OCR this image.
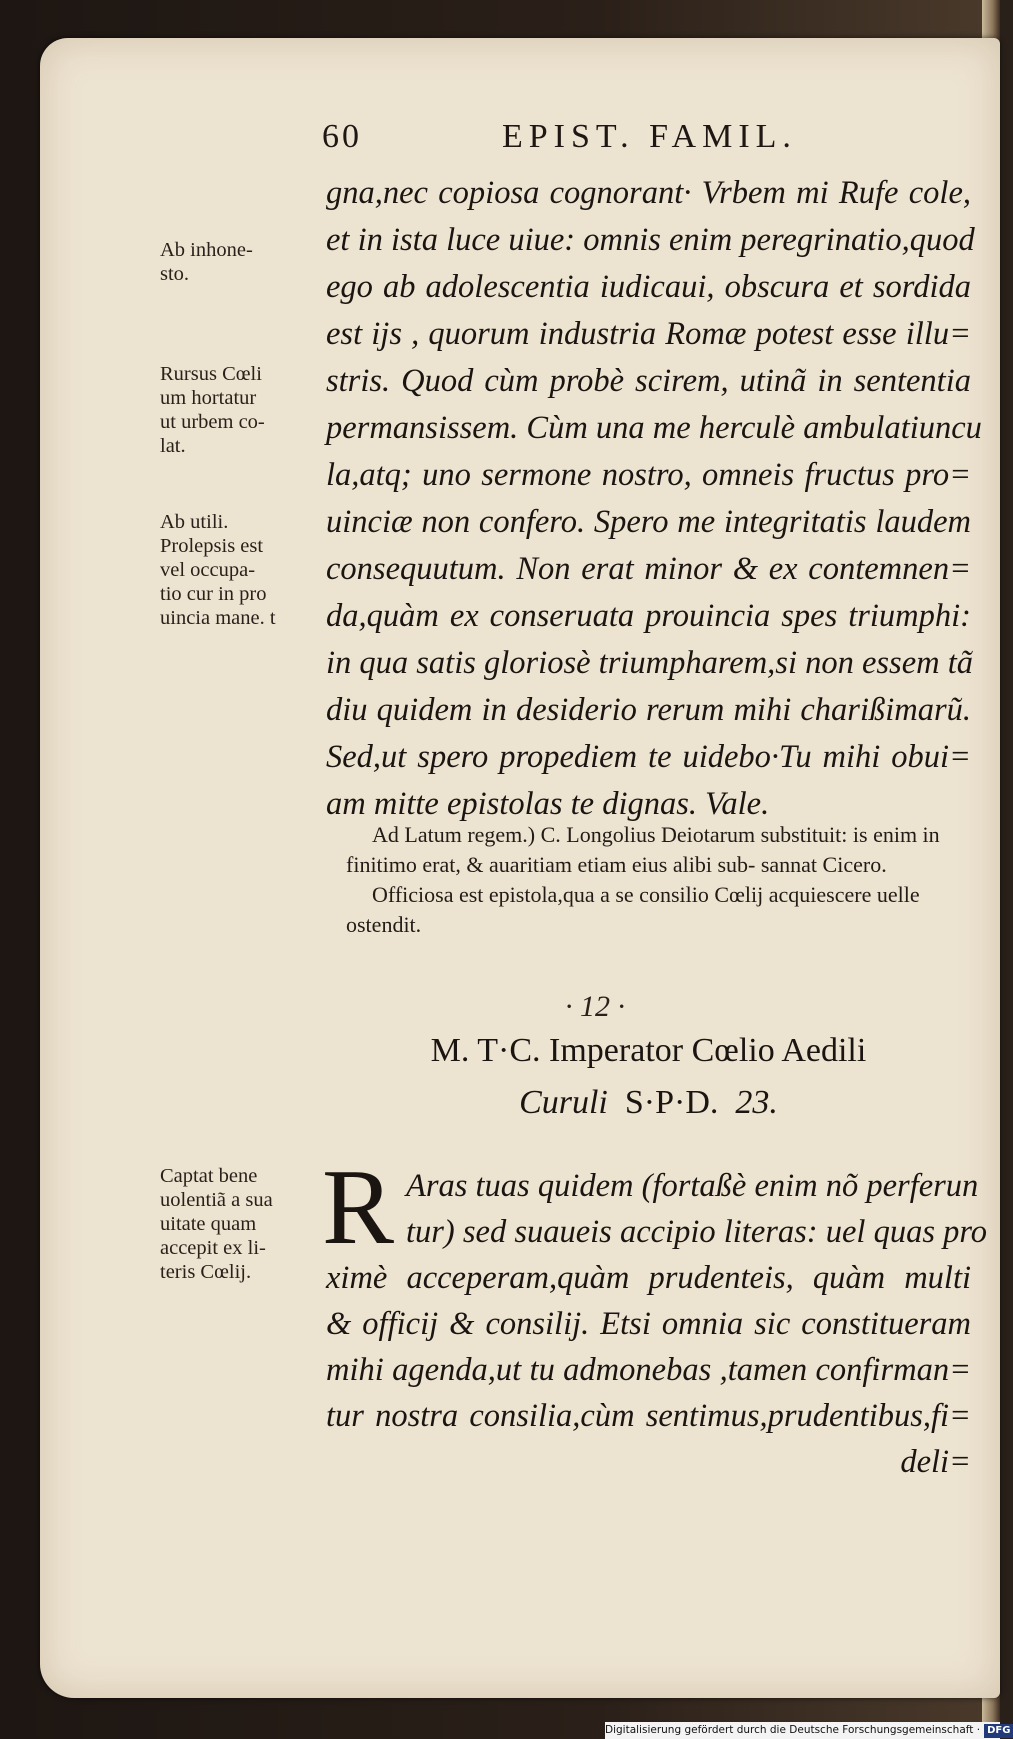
60	EPIST. FAMIL.
gna,nec copiosa cognorant· Vrbem mi Rufe cole,
et in ista luce uiue: omnis enim peregrinatio,quod
ego ab adolescentia iudicaui, obscura et sordida
est ijs , quorum industria Romæ potest esse illu=
stris. Quod cùm probè scirem, utinã in sententia
permansissem. Cùm una me herculè ambulatiuncu
la,atq; uno sermone nostro, omneis fructus pro=
uinciæ non confero. Spero me integritatis laudem
consequutum. Non erat minor & ex contemnen=
da,quàm ex conseruata prouincia spes triumphi:
in qua satis gloriosè triumpharem,si non essem tã
diu quidem in desiderio rerum mihi charißimarũ.
Sed,ut spero propediem te uidebo·Tu mihi obui=
am mitte epistolas te dignas. Vale.

Ad Latum regem.) C. Longolius Deiotarum substituit: is enim in finitimo erat, & auaritiam etiam eius alibi sub- sannat Cicero.

Officiosa est epistola,qua a se consilio Cœlij acquiescere uelle ostendit.

· 12 ·
M. T·C. Imperator Cœlio Aedili
Curuli S·P·D. 23.
R Aras tuas quidem (fortaßè enim nõ perferun
tur) sed suaueis accipio literas: uel quas pro
ximè acceperam,quàm prudenteis, quàm multi
& officij & consilij. Etsi omnia sic constitueram
mihi agenda,ut tu admonebas ,tamen confirman=
tur nostra consilia,cùm sentimus,prudentibus,fi=
deli=
Ab inhone-
sto.
Rursus Cœli
um hortatur
ut urbem co-
lat.
Ab utili.
Prolepsis est
vel occupa-
tio cur in pro
uincia mane. t
Captat bene
uolentiã a sua
uitate quam
accepit ex li-
teris Cœlij.
Digitalisierung gefördert durch die Deutsche Forschungsgemeinschaft · DFG
